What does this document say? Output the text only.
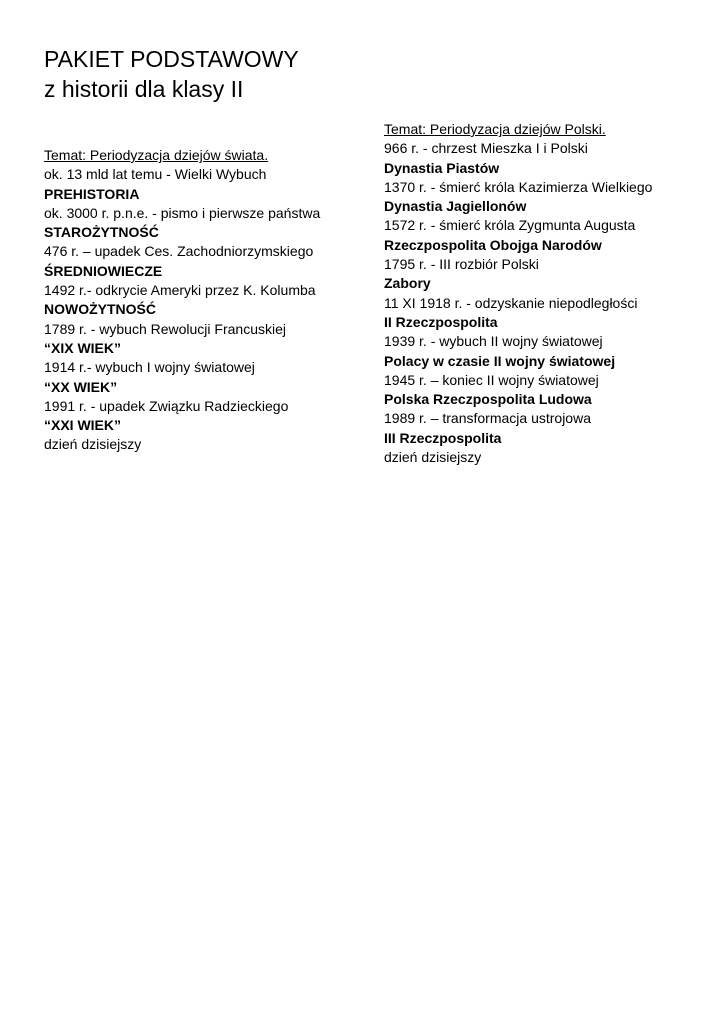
PAKIET PODSTAWOWY
z historii dla klasy II
Temat: Periodyzacja dziejów świata.
ok. 13 mld lat temu - Wielki Wybuch
PREHISTORIA
ok. 3000 r. p.n.e. - pismo i pierwsze państwa
STAROŻYTNOŚĆ
476 r. – upadek Ces. Zachodniorzymskiego
ŚREDNIOWIECZE
1492 r.- odkrycie Ameryki przez K. Kolumba
NOWOŻYTNOŚĆ
1789 r. - wybuch Rewolucji Francuskiej
“XIX WIEK”
1914 r.- wybuch I wojny światowej
“XX WIEK”
1991 r. - upadek Związku Radzieckiego
“XXI WIEK”
dzień dzisiejszy
Temat: Periodyzacja dziejów Polski.
966 r. - chrzest Mieszka I i Polski
Dynastia Piastów
1370 r. - śmierć króla Kazimierza Wielkiego
Dynastia Jagiellonów
1572 r. - śmierć króla Zygmunta Augusta
Rzeczpospolita Obojga Narodów
1795 r. - III rozbiór Polski
Zabory
11 XI 1918 r. - odzyskanie niepodległości
II Rzeczpospolita
1939 r. - wybuch II wojny światowej
Polacy w czasie II wojny światowej
1945 r. – koniec II wojny światowej
Polska Rzeczpospolita Ludowa
1989 r. – transformacja ustrojowa
III Rzeczpospolita
dzień dzisiejszy
